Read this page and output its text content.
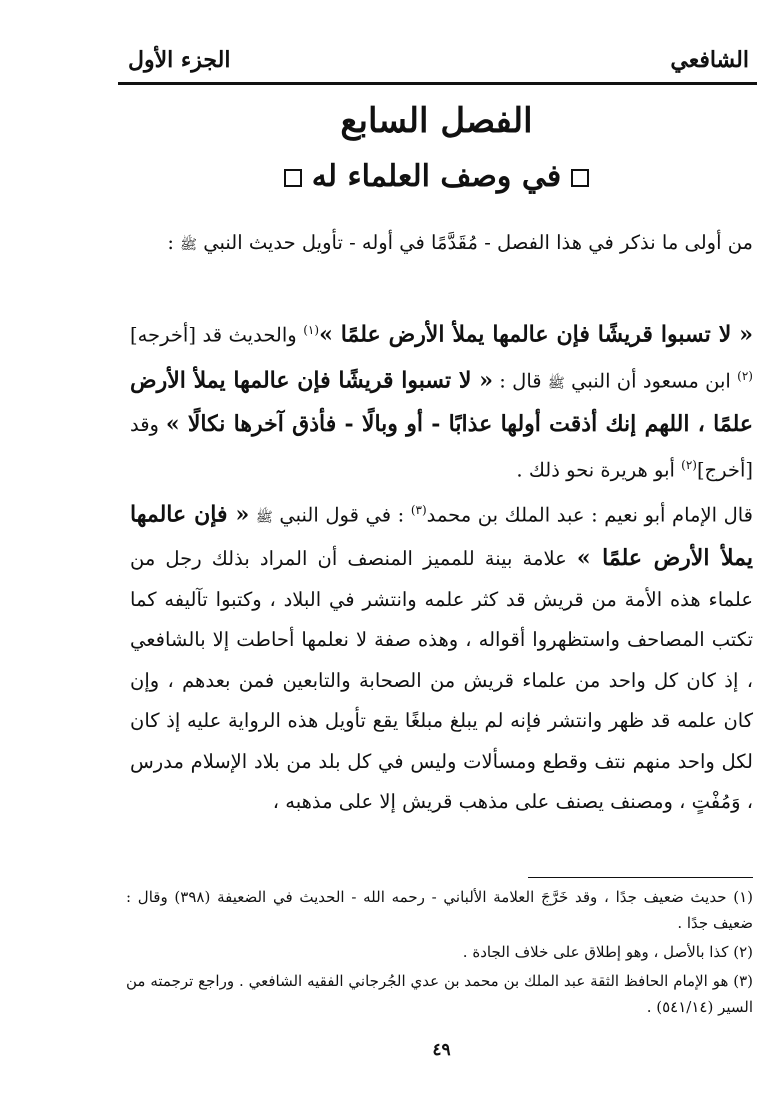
الشافعي
الجزء الأول
الفصل السابع
في وصف العلماء له

من أولى ما نذكر في هذا الفصل - مُقَدَّمًا في أوله - تأويل حديث النبي ﷺ :

« لا تسبوا قريشًا فإن عالمها يملأ الأرض علمًا »$^{(١)}$ والحديث قد [أخرجه]$^{(٢)}$ ابن مسعود أن النبي ﷺ قال : « لا تسبوا قريشًا فإن عالمها يملأ الأرض علمًا ، اللهم إنك أذقت أولها عذابًا - أو وبالًا - فأذق آخرها نكالًا » وقد [أخرج]$^{(٢)}$ أبو هريرة نحو ذلك .

قال الإمام أبو نعيم : عبد الملك بن محمد$^{(٣)}$ : في قول النبي ﷺ « فإن عالمها يملأ الأرض علمًا » علامة بينة للمميز المنصف أن المراد بذلك رجل من علماء هذه الأمة من قريش قد كثر علمه وانتشر في البلاد ، وكتبوا تآليفه كما تكتب المصاحف واستظهروا أقواله ، وهذه صفة لا نعلمها أحاطت إلا بالشافعي ، إذ كان كل واحد من علماء قريش من الصحابة والتابعين فمن بعدهم ، وإن كان علمه قد ظهر وانتشر فإنه لم يبلغ مبلغًا يقع تأويل هذه الرواية عليه إذ كان لكل واحد منهم نتف وقطع ومسألات وليس في كل بلد من بلاد الإسلام مدرس ، وَمُفْتٍ ، ومصنف يصنف على مذهب قريش إلا على مذهبه ،

(١) حديث ضعيف جدًا ، وقد خَرَّجَ العلامة الألباني - رحمه الله - الحديث في الضعيفة (٣٩٨) وقال : ضعيف جدًا .

(٢) كذا بالأصل ، وهو إطلاق على خلاف الجادة .

(٣) هو الإمام الحافظ الثقة عبد الملك بن محمد بن عدي الجُرجاني الفقيه الشافعي . وراجع ترجمته من السير (٥٤١/١٤) .

٤٩
